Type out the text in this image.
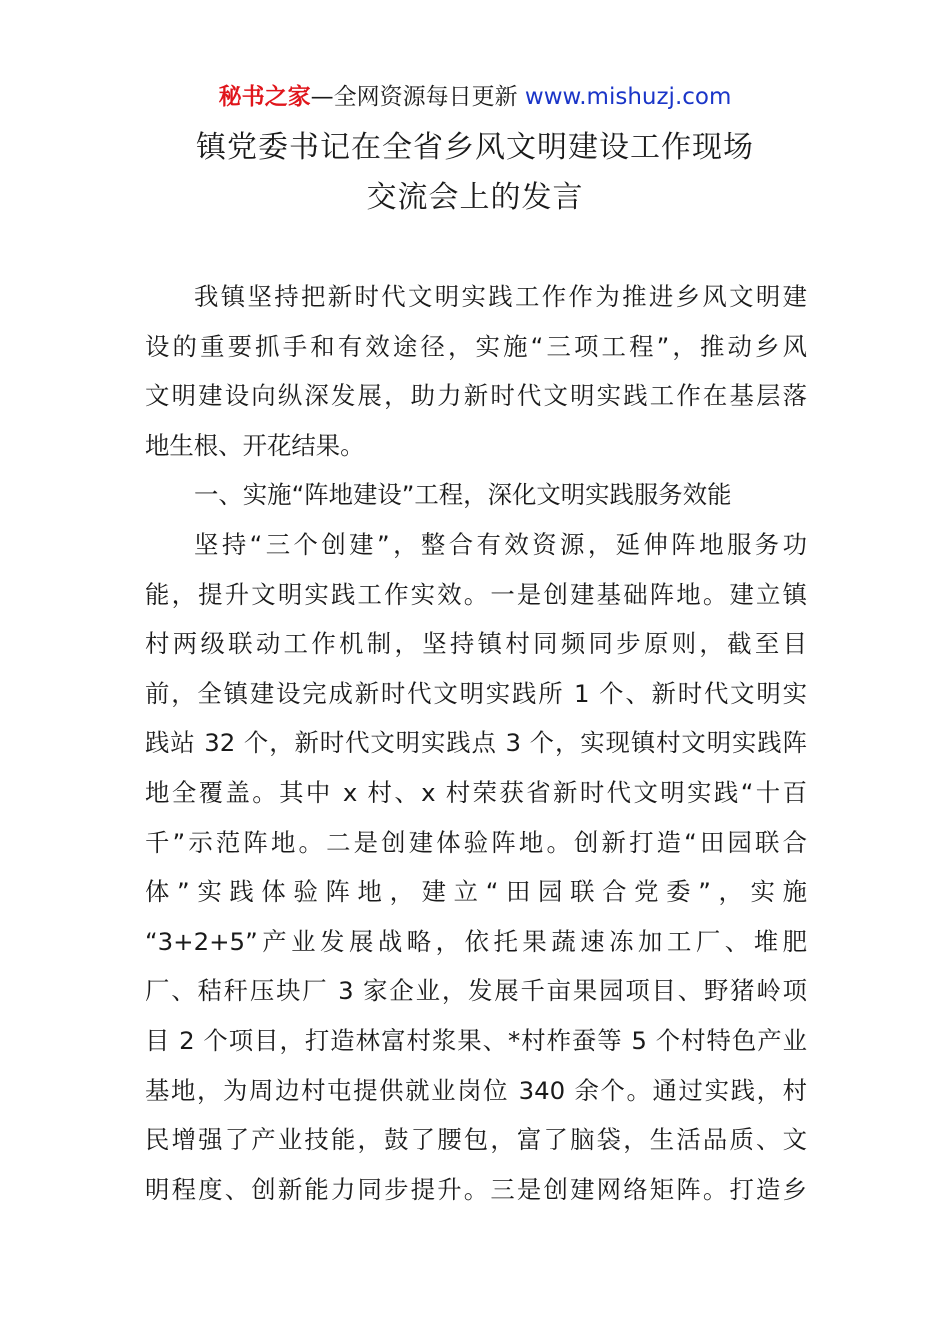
秘书之家—全网资源每日更新 www.mishuzj.com
镇党委书记在全省乡风文明建设工作现场
交流会上的发言
我镇坚持把新时代文明实践工作作为推进乡风文明建
设的重要抓手和有效途径，实施“三项工程”，推动乡风
文明建设向纵深发展，助力新时代文明实践工作在基层落
地生根、开花结果。
一、实施“阵地建设”工程，深化文明实践服务效能
坚持“三个创建”，整合有效资源，延伸阵地服务功
能，提升文明实践工作实效。一是创建基础阵地。建立镇
村两级联动工作机制，坚持镇村同频同步原则，截至目
前，全镇建设完成新时代文明实践所 1 个、新时代文明实
践站 32 个，新时代文明实践点 3 个，实现镇村文明实践阵
地全覆盖。其中 x 村、x 村荣获省新时代文明实践“十百
千”示范阵地。二是创建体验阵地。创新打造“田园联合
体”实践体验阵地，建立“田园联合党委”，实施
“3+2+5”产业发展战略，依托果蔬速冻加工厂、堆肥
厂、秸秆压块厂 3 家企业，发展千亩果园项目、野猪岭项
目 2 个项目，打造林富村浆果、*村柞蚕等 5 个村特色产业
基地，为周边村屯提供就业岗位 340 余个。通过实践，村
民增强了产业技能，鼓了腰包，富了脑袋，生活品质、文
明程度、创新能力同步提升。三是创建网络矩阵。打造乡
